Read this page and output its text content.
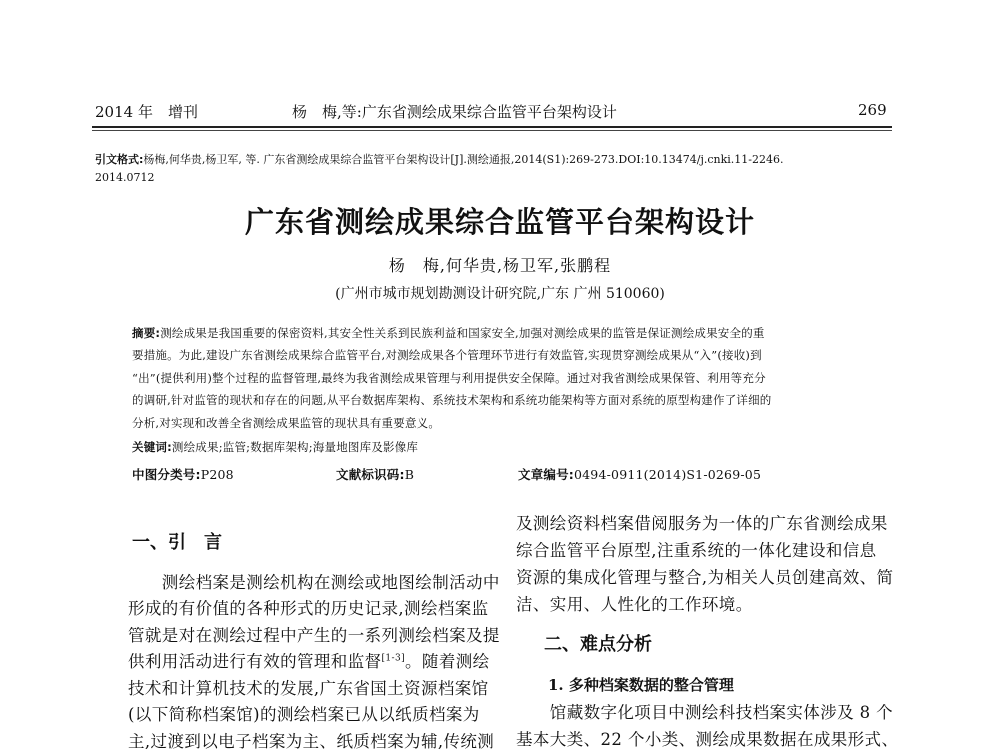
2014 年　增刊	杨　梅,等:广东省测绘成果综合监管平台架构设计	269
引文格式:杨梅,何华贵,杨卫军, 等. 广东省测绘成果综合监管平台架构设计[J].测绘通报,2014(S1):269-273.DOI:10.13474/j.cnki.11-2246.
2014.0712
广东省测绘成果综合监管平台架构设计
杨　梅,何华贵,杨卫军,张鹏程
(广州市城市规划勘测设计研究院,广东 广州 510060)
摘要:测绘成果是我国重要的保密资料,其安全性关系到民族利益和国家安全,加强对测绘成果的监管是保证测绘成果安全的重
要措施。为此,建设广东省测绘成果综合监管平台,对测绘成果各个管理环节进行有效监管,实现贯穿测绘成果从“入”(接收)到
“出”(提供利用)整个过程的监督管理,最终为我省测绘成果管理与利用提供安全保障。通过对我省测绘成果保管、利用等充分
的调研,针对监管的现状和存在的问题,从平台数据库架构、系统技术架构和系统功能架构等方面对系统的原型构建作了详细的
分析,对实现和改善全省测绘成果监管的现状具有重要意义。
关键词:测绘成果;监管;数据库架构;海量地图库及影像库
中图分类号:P208	文献标识码:B	文章编号:0494-0911(2014)S1-0269-05
一、引　言
　　测绘档案是测绘机构在测绘或地图绘制活动中
形成的有价值的各种形式的历史记录,测绘档案监
管就是对在测绘过程中产生的一系列测绘档案及提
供利用活动进行有效的管理和监督[1-3]。随着测绘
技术和计算机技术的发展,广东省国土资源档案馆
(以下简称档案馆)的测绘档案已从以纸质档案为
主,过渡到以电子档案为主、纸质档案为辅,传统测
及测绘资料档案借阅服务为一体的广东省测绘成果
综合监管平台原型,注重系统的一体化建设和信息
资源的集成化管理与整合,为相关人员创建高效、简
洁、实用、人性化的工作环境。
二、难点分析
1. 多种档案数据的整合管理
　　馆藏数字化项目中测绘科技档案实体涉及 8 个
基本大类、22 个小类、测绘成果数据在成果形式、
